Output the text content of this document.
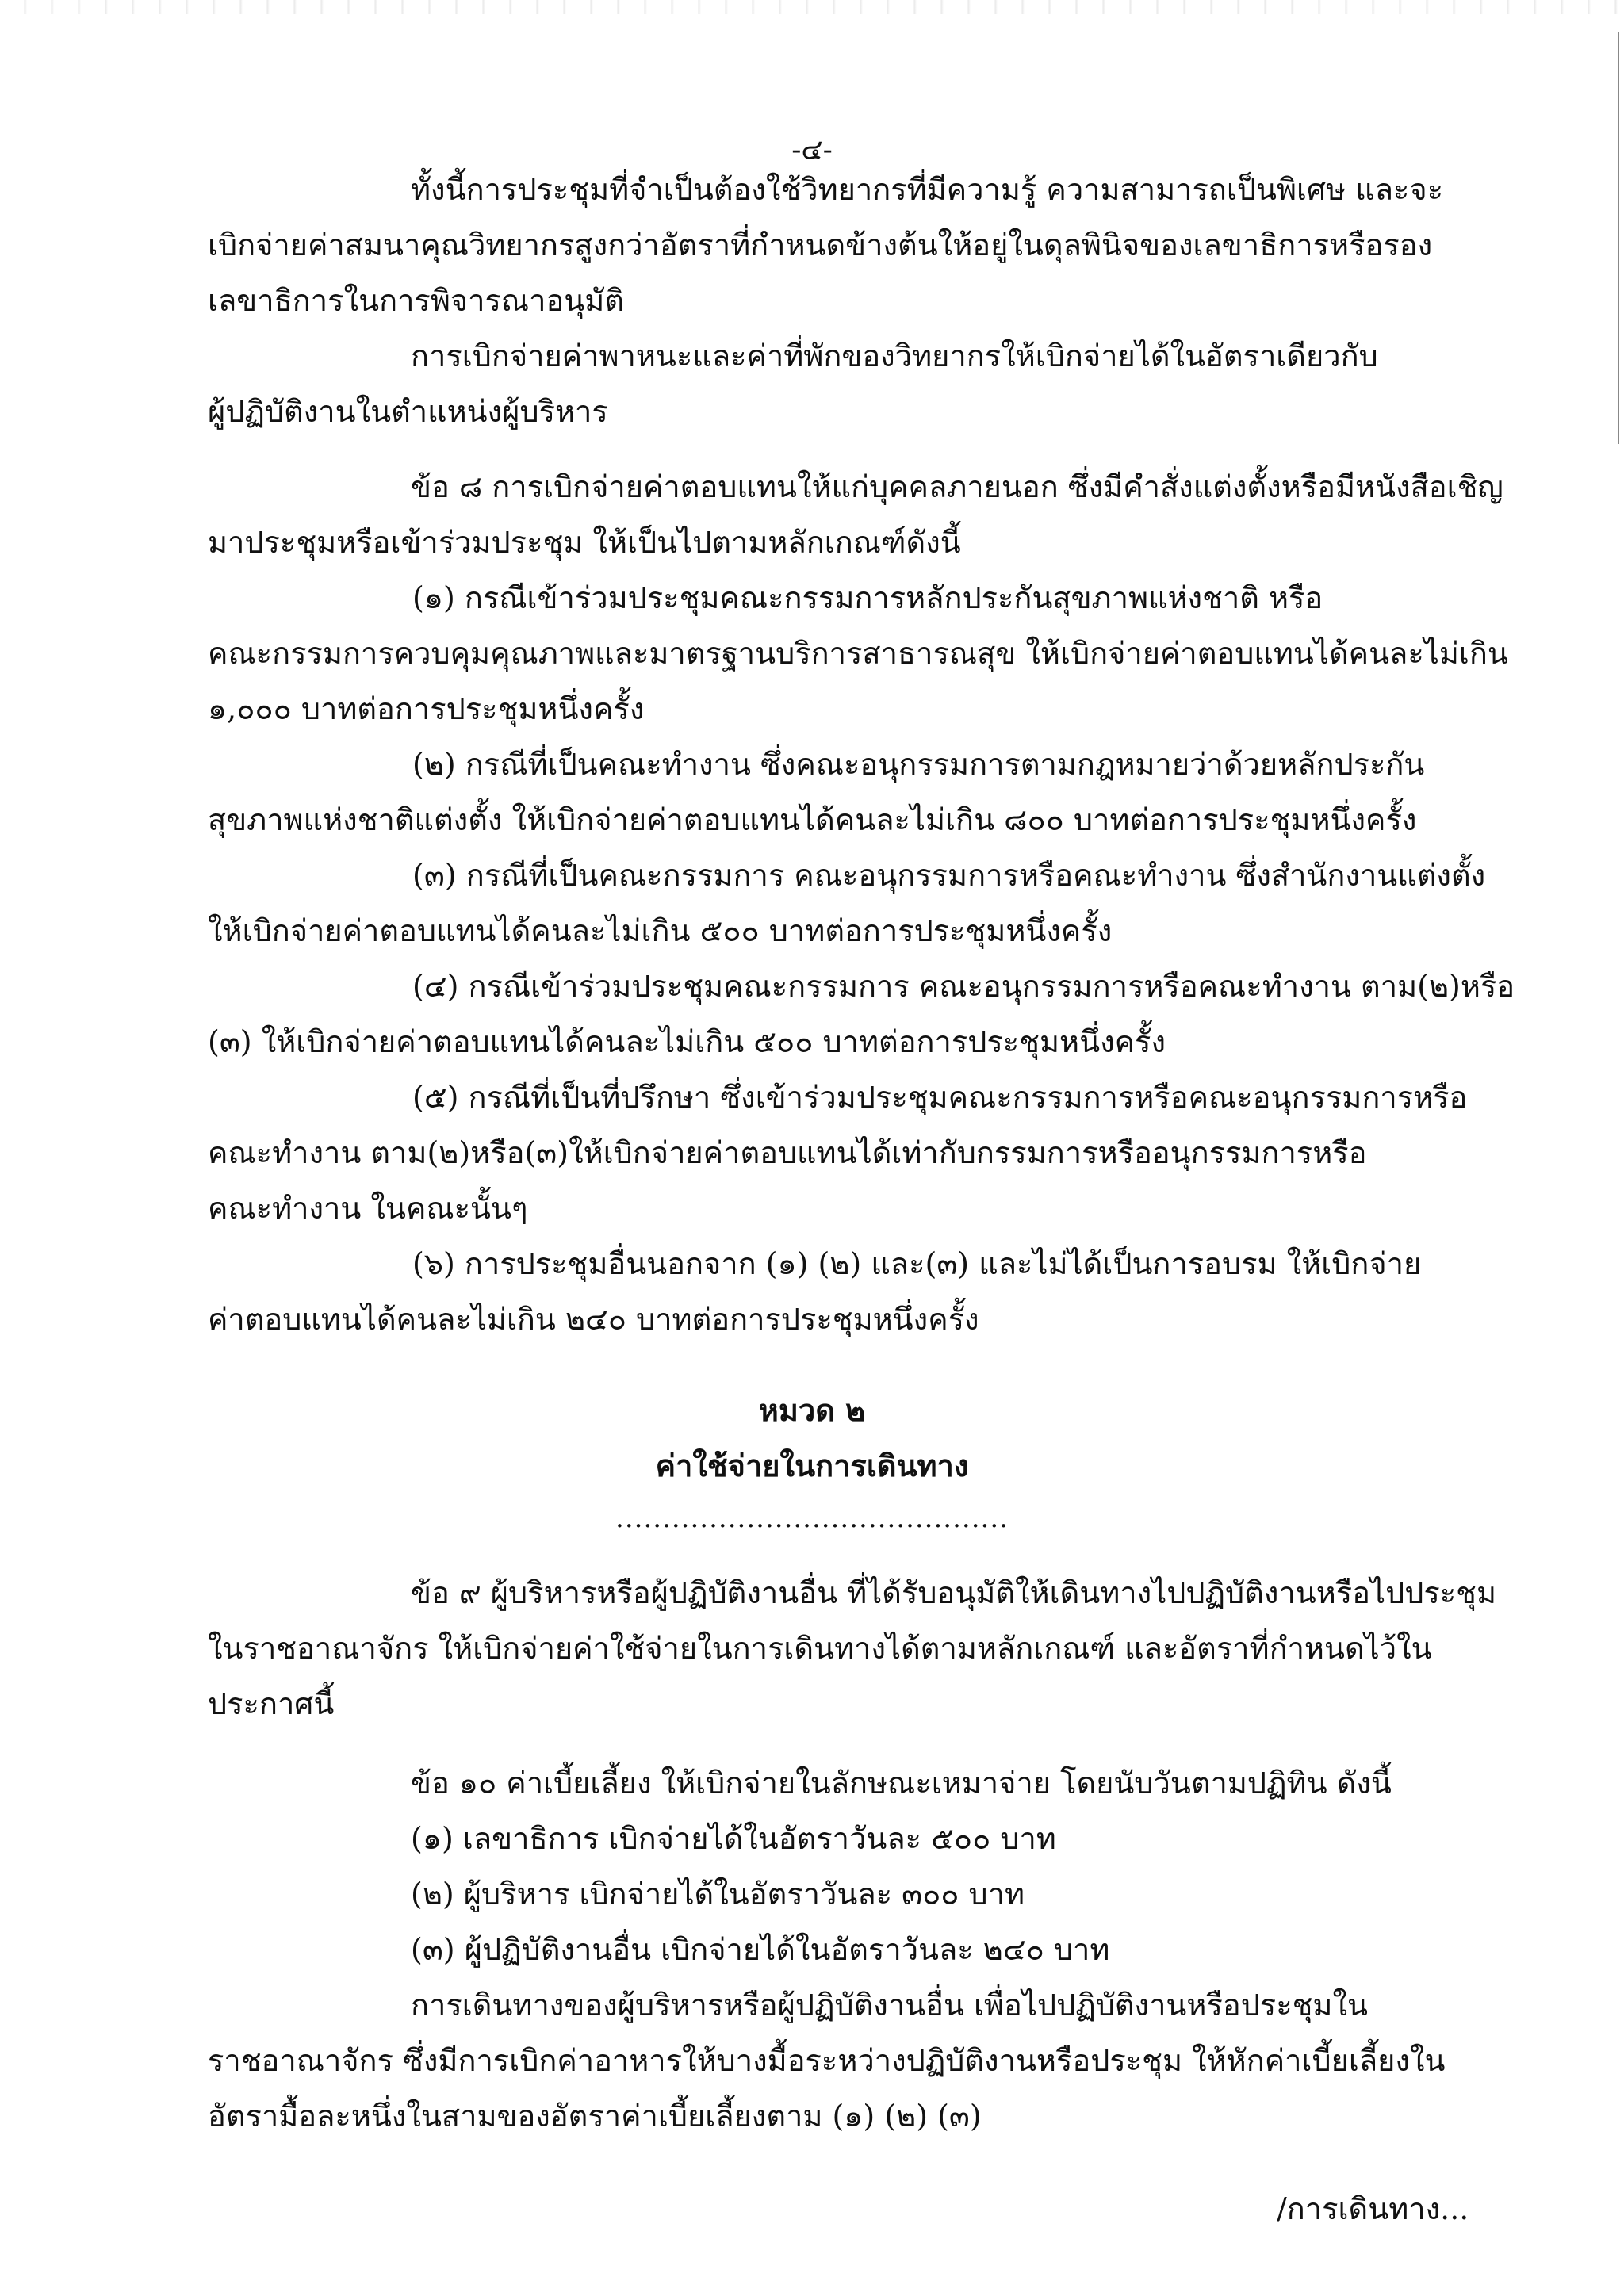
-๔-
ทั้งนี้การประชุมที่จำเป็นต้องใช้วิทยากรที่มีความรู้ ความสามารถเป็นพิเศษ และจะ
เบิกจ่ายค่าสมนาคุณวิทยากรสูงกว่าอัตราที่กำหนดข้างต้นให้อยู่ในดุลพินิจของเลขาธิการหรือรอง
เลขาธิการในการพิจารณาอนุมัติ
การเบิกจ่ายค่าพาหนะและค่าที่พักของวิทยากรให้เบิกจ่ายได้ในอัตราเดียวกับ
ผู้ปฏิบัติงานในตำแหน่งผู้บริหาร
ข้อ ๘ การเบิกจ่ายค่าตอบแทนให้แก่บุคคลภายนอก ซึ่งมีคำสั่งแต่งตั้งหรือมีหนังสือเชิญ
มาประชุมหรือเข้าร่วมประชุม ให้เป็นไปตามหลักเกณฑ์ดังนี้
(๑) กรณีเข้าร่วมประชุมคณะกรรมการหลักประกันสุขภาพแห่งชาติ หรือ
คณะกรรมการควบคุมคุณภาพและมาตรฐานบริการสาธารณสุข ให้เบิกจ่ายค่าตอบแทนได้คนละไม่เกิน
๑,๐๐๐ บาทต่อการประชุมหนึ่งครั้ง
(๒) กรณีที่เป็นคณะทำงาน ซึ่งคณะอนุกรรมการตามกฎหมายว่าด้วยหลักประกัน
สุขภาพแห่งชาติแต่งตั้ง ให้เบิกจ่ายค่าตอบแทนได้คนละไม่เกิน ๘๐๐ บาทต่อการประชุมหนึ่งครั้ง
(๓) กรณีที่เป็นคณะกรรมการ คณะอนุกรรมการหรือคณะทำงาน ซึ่งสำนักงานแต่งตั้ง
ให้เบิกจ่ายค่าตอบแทนได้คนละไม่เกิน ๕๐๐ บาทต่อการประชุมหนึ่งครั้ง
(๔) กรณีเข้าร่วมประชุมคณะกรรมการ คณะอนุกรรมการหรือคณะทำงาน ตาม(๒)หรือ
(๓) ให้เบิกจ่ายค่าตอบแทนได้คนละไม่เกิน ๕๐๐ บาทต่อการประชุมหนึ่งครั้ง
(๕) กรณีที่เป็นที่ปรึกษา ซึ่งเข้าร่วมประชุมคณะกรรมการหรือคณะอนุกรรมการหรือ
คณะทำงาน ตาม(๒)หรือ(๓)ให้เบิกจ่ายค่าตอบแทนได้เท่ากับกรรมการหรืออนุกรรมการหรือ
คณะทำงาน ในคณะนั้นๆ
(๖) การประชุมอื่นนอกจาก (๑) (๒) และ(๓) และไม่ได้เป็นการอบรม ให้เบิกจ่าย
ค่าตอบแทนได้คนละไม่เกิน ๒๔๐ บาทต่อการประชุมหนึ่งครั้ง
หมวด ๒
ค่าใช้จ่ายในการเดินทาง
..........................................
ข้อ ๙ ผู้บริหารหรือผู้ปฏิบัติงานอื่น ที่ได้รับอนุมัติให้เดินทางไปปฏิบัติงานหรือไปประชุม
ในราชอาณาจักร ให้เบิกจ่ายค่าใช้จ่ายในการเดินทางได้ตามหลักเกณฑ์ และอัตราที่กำหนดไว้ใน
ประกาศนี้
ข้อ ๑๐ ค่าเบี้ยเลี้ยง ให้เบิกจ่ายในลักษณะเหมาจ่าย โดยนับวันตามปฏิทิน ดังนี้
(๑) เลขาธิการ เบิกจ่ายได้ในอัตราวันละ ๕๐๐ บาท
(๒) ผู้บริหาร เบิกจ่ายได้ในอัตราวันละ ๓๐๐ บาท
(๓) ผู้ปฏิบัติงานอื่น เบิกจ่ายได้ในอัตราวันละ ๒๔๐ บาท
การเดินทางของผู้บริหารหรือผู้ปฏิบัติงานอื่น เพื่อไปปฏิบัติงานหรือประชุมใน
ราชอาณาจักร ซึ่งมีการเบิกค่าอาหารให้บางมื้อระหว่างปฏิบัติงานหรือประชุม ให้หักค่าเบี้ยเลี้ยงใน
อัตรามื้อละหนึ่งในสามของอัตราค่าเบี้ยเลี้ยงตาม (๑) (๒) (๓)
/การเดินทาง...
